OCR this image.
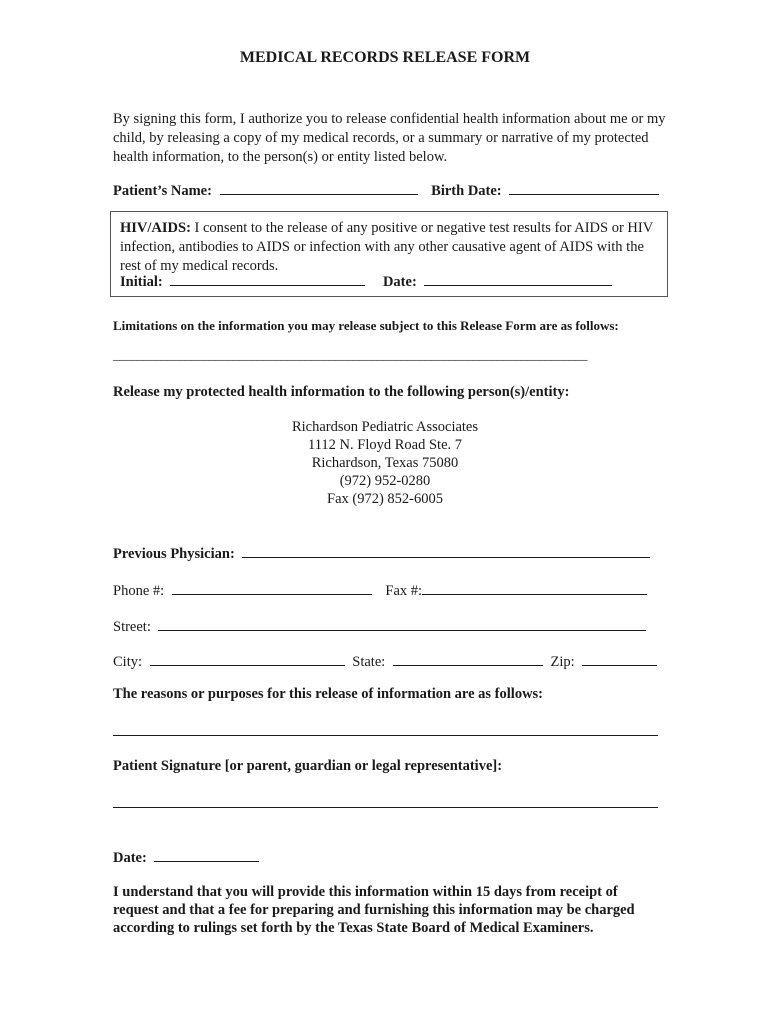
MEDICAL RECORDS RELEASE FORM
By signing this form, I authorize you to release confidential health information about me or my child, by releasing a copy of my medical records, or a summary or narrative of my protected health information, to the person(s) or entity listed below.
Patient’s Name:	Birth Date:
HIV/AIDS: I consent to the release of any positive or negative test results for AIDS or HIV infection, antibodies to AIDS or infection with any other causative agent of AIDS with the rest of my medical records.
Initial:	Date:
Limitations on the information you may release subject to this Release Form are as follows:
_______________________________________________________________________________
Release my protected health information to the following person(s)/entity:
Richardson Pediatric Associates
1112 N. Floyd Road Ste. 7
Richardson, Texas 75080
(972) 952-0280
Fax (972) 852-6005
Previous Physician:
Phone #:	Fax #:
Street:
City:	State:	Zip:
The reasons or purposes for this release of information are as follows:
Patient Signature [or parent, guardian or legal representative]:
Date:
I understand that you will provide this information within 15 days from receipt of request and that a fee for preparing and furnishing this information may be charged according to rulings set forth by the Texas State Board of Medical Examiners.
